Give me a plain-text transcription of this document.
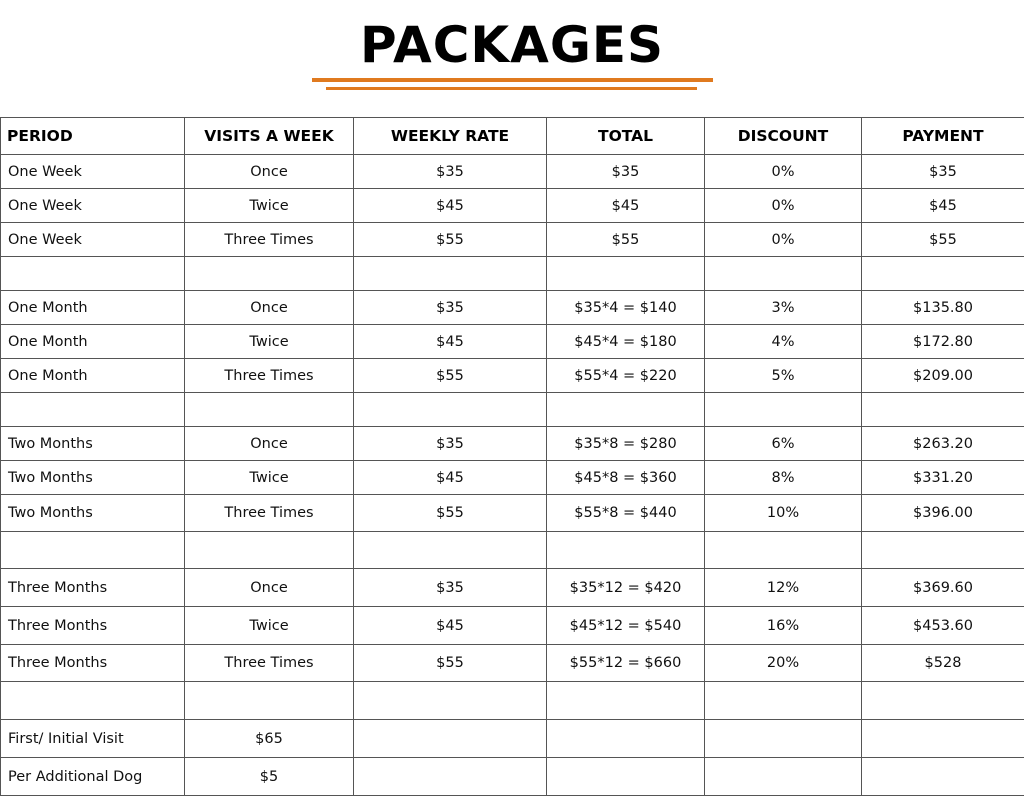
PACKAGES
PERIOD	VISITS A WEEK	WEEKLY RATE	TOTAL	DISCOUNT	PAYMENT
One Week	Once	$35	$35	0%	$35
One Week	Twice	$45	$45	0%	$45
One Week	Three Times	$55	$55	0%	$55

One Month	Once	$35	$35*4 = $140	3%	$135.80
One Month	Twice	$45	$45*4 = $180	4%	$172.80
One Month	Three Times	$55	$55*4 = $220	5%	$209.00

Two Months	Once	$35	$35*8 = $280	6%	$263.20
Two Months	Twice	$45	$45*8 = $360	8%	$331.20
Two Months	Three Times	$55	$55*8 = $440	10%	$396.00

Three Months	Once	$35	$35*12 = $420	12%	$369.60
Three Months	Twice	$45	$45*12 = $540	16%	$453.60
Three Months	Three Times	$55	$55*12 = $660	20%	$528

First/ Initial Visit	$65				
Per Additional Dog	$5				
